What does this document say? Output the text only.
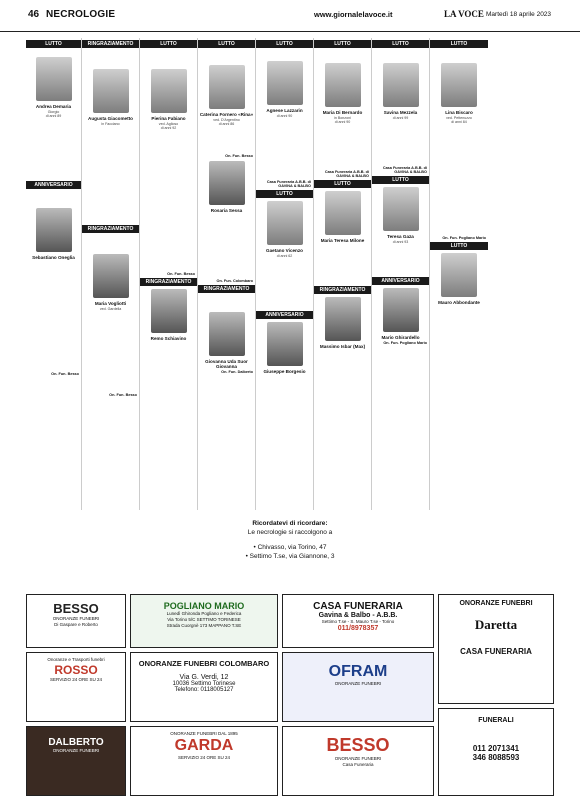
46 NECROLOGIE	www.giornalelavoce.it	LA VOCE Martedì 18 aprile 2023
LUTTO

Andrea Demaria
Giorgio
di anni 89
ANNIVERSARIO
Sebastiano Oneglia
On. Fun. Besso
RINGRAZIAMENTO
Augusta Giacometto
in Facciano
RINGRAZIAMENTO
Maria Vogliotti
ved. Gardella
On. Fun. Besso
LUTTO
Pierina Fabiano
ved. Aglioso
di anni 92
On. Fun. Besso
RINGRAZIAMENTO
Remo Schiavino
LUTTO
Caterina Fornero «Rina»
ved. D'Argentino
di anni 86
On. Fun. Besso
Rosaria Sessa
On. Fun. Colombaro
RINGRAZIAMENTO
Giovanna Uda Suor Giovanna
On. Fun. Dalberto
LUTTO
Agnese Lazzarin
di anni 90
Casa Funeraria A.B.B. di GAVINA & BALBO
LUTTO
Gaetano Vicenzo
di anni 62
ANNIVERSARIO
Giuseppe Borgesio
LUTTO
Maria Di Bernardo
in Bonzoni
di anni 90
Casa Funeraria A.B.B. di GAVINA & BALBO
LUTTO
Maria Teresa Milone
RINGRAZIAMENTO
Massimo Isbar (Max)
LUTTO
Savina Mezzela
di anni 99
Casa Funeraria A.B.B. di GAVINA & BALBO
LUTTO
Teresa Gaza
di anni 93
ANNIVERSARIO
Mario Ghirardello
On. Fun. Pogliano Mario
LUTTO
Lina Biscaro
ved. Pettenuzzo
di anni 84
On. Fun. Pogliano Mario
LUTTO
Mauro Abbondante
Ricordatevi di ricordare:
Le necrologie si raccolgono a
• Chivasso, via Torino, 47
• Settimo T.se, via Giannone, 3
BESSO
ONORANZE FUNEBRI
Di Gaspare e Roberto
POGLIANO MARIO
Lunedì Ghironda Pogliano e Federica
Via Torino 5/C SETTIMO TORINESE
Strada Cuorgnè 173 MAPPANO T.SE
CASA FUNERARIA
Gavina & Balbo - A.B.B.
Settimo T.se - S. Mauro T.se - Torino
011/8978357
ONORANZE FUNEBRI
Daretta
CASA FUNERARIA
Onoranze e Trasporti funebri
ROSSO
SERVIZIO 24 ORE SU 24
ONORANZE FUNEBRI COLOMBARO
Via G. Verdi, 12
10036 Settimo Torinese
Telefono: 0118005127
OFRAM
ONORANZE FUNEBRI
DALBERTO
ONORANZE FUNEBRI
ONORANZE FUNEBRI DAL 1895
GARDA
SERVIZIO 24 ORE SU 24
BESSO
ONORANZE FUNEBRI
Casa Funeraria
FUNERALI
011 2071341
346 8088593
